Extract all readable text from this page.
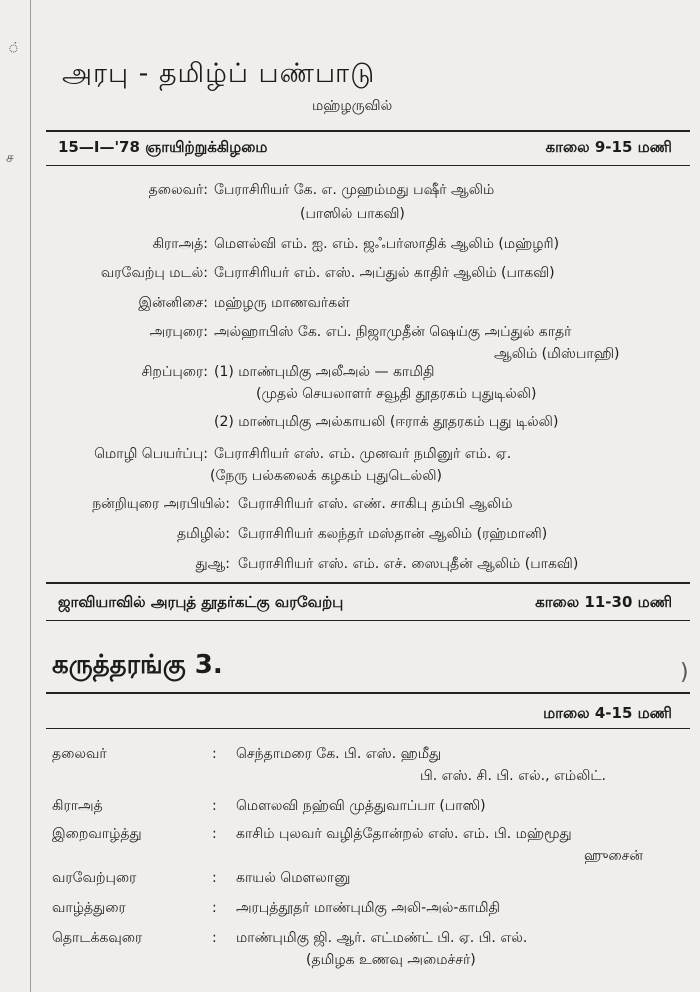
்
ச
)
அரபு - தமிழ்ப் பண்பாடு
மஹ்ழருவில்
15—I—'78 ஞாயிற்றுக்கிழமை	காலை 9-15 மணி
தலைவர்: பேராசிரியர் கே. எ. முஹம்மது பஷீர் ஆலிம்
(பாஸில் பாகவி)
கிராஅத்: மௌல்வி எம். ஐ. எம். ஜஃபர்ஸாதிக் ஆலிம் (மஹ்ழரி)
வரவேற்பு மடல்: பேராசிரியர் எம். எஸ். அப்துல் காதிர் ஆலிம் (பாகவி)
இன்னிசை: மஹ்ழரு மாணவர்கள்
அரபுரை: அல்ஹாபிஸ் கே. எப். நிஜாமுதீன் ஷெய்கு அப்துல் காதர்
ஆலிம் (மிஸ்பாஹி)
சிறப்புரை: (1) மாண்புமிகு அலீஅல் — காமிதி
(முதல் செயலாளர் சவூதி தூதரகம் புதுடில்லி)
(2) மாண்புமிகு அல்காயலி (ஈராக் தூதரகம் புது டில்லி)
மொழி பெயர்ப்பு: பேராசிரியர் எஸ். எம். முனவர் நமினுர் எம். ஏ.
(நேரு பல்கலைக் கழகம் புதுடெல்லி)
நன்றியுரை அரபியில்: பேராசிரியர் எஸ். எண். சாகிபு தம்பி ஆலிம்
தமிழில்: பேராசிரியர் கலந்தர் மஸ்தான் ஆலிம் (ரஹ்மானி)
துஆ: பேராசிரியர் எஸ். எம். எச். ஸைபுதீன் ஆலிம் (பாகவி)
ஜாவியாவில் அரபுத் தூதர்கட்கு வரவேற்பு	காலை 11-30 மணி
கருத்தரங்கு 3.
மாலை 4-15 மணி
தலைவர்	: செந்தாமரை கே. பி. எஸ். ஹமீது
பி. எஸ். சி. பி. எல்., எம்லிட்.
கிராஅத்	: மௌலவி நஹ்வி முத்துவாப்பா (பாஸி)
இறைவாழ்த்து	: காசிம் புலவர் வழித்தோன்றல் எஸ். எம். பி. மஹ்மூது
ஹுசைன்
வரவேற்புரை	: காயல் மௌலானு
வாழ்த்துரை	: அரபுத்தூதர் மாண்புமிகு அலி-அல்-காமிதி
தொடக்கவுரை	: மாண்புமிகு ஜி. ஆர். எட்மண்ட் பி. ஏ. பி. எல்.
(தமிழக உணவு அமைச்சர்)
